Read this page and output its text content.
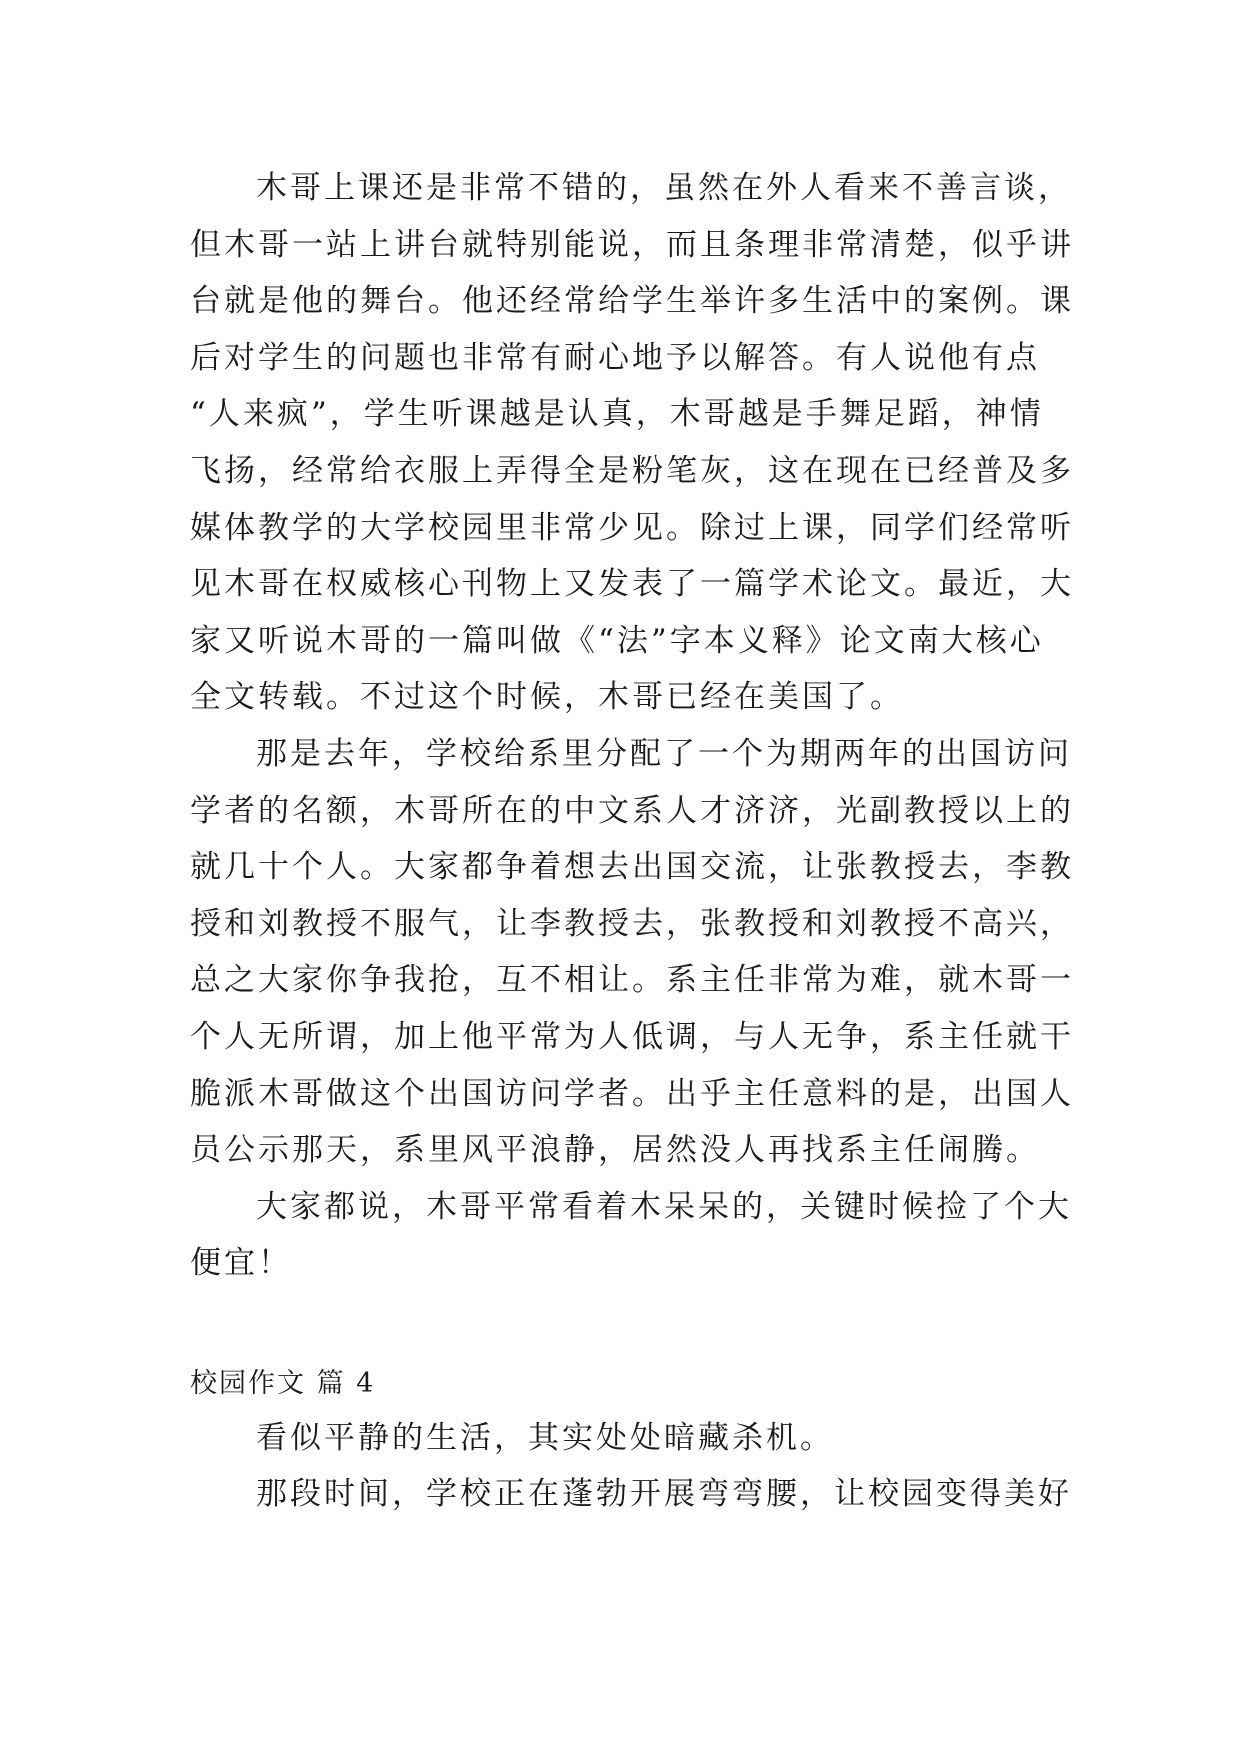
木哥上课还是非常不错的，虽然在外人看来不善言谈，
但木哥一站上讲台就特别能说，而且条理非常清楚，似乎讲
台就是他的舞台。他还经常给学生举许多生活中的案例。课
后对学生的问题也非常有耐心地予以解答。有人说他有点
“人来疯”，学生听课越是认真，木哥越是手舞足蹈，神情
飞扬，经常给衣服上弄得全是粉笔灰，这在现在已经普及多
媒体教学的大学校园里非常少见。除过上课，同学们经常听
见木哥在权威核心刊物上又发表了一篇学术论文。最近，大
家又听说木哥的一篇叫做《“法”字本义释》论文南大核心
全文转载。不过这个时候，木哥已经在美国了。
那是去年，学校给系里分配了一个为期两年的出国访问
学者的名额，木哥所在的中文系人才济济，光副教授以上的
就几十个人。大家都争着想去出国交流，让张教授去，李教
授和刘教授不服气，让李教授去，张教授和刘教授不高兴，
总之大家你争我抢，互不相让。系主任非常为难，就木哥一
个人无所谓，加上他平常为人低调，与人无争，系主任就干
脆派木哥做这个出国访问学者。出乎主任意料的是，出国人
员公示那天，系里风平浪静，居然没人再找系主任闹腾。
大家都说，木哥平常看着木呆呆的，关键时候捡了个大
便宜！
校园作文 篇 4
看似平静的生活，其实处处暗藏杀机。
那段时间，学校正在蓬勃开展弯弯腰，让校园变得美好
